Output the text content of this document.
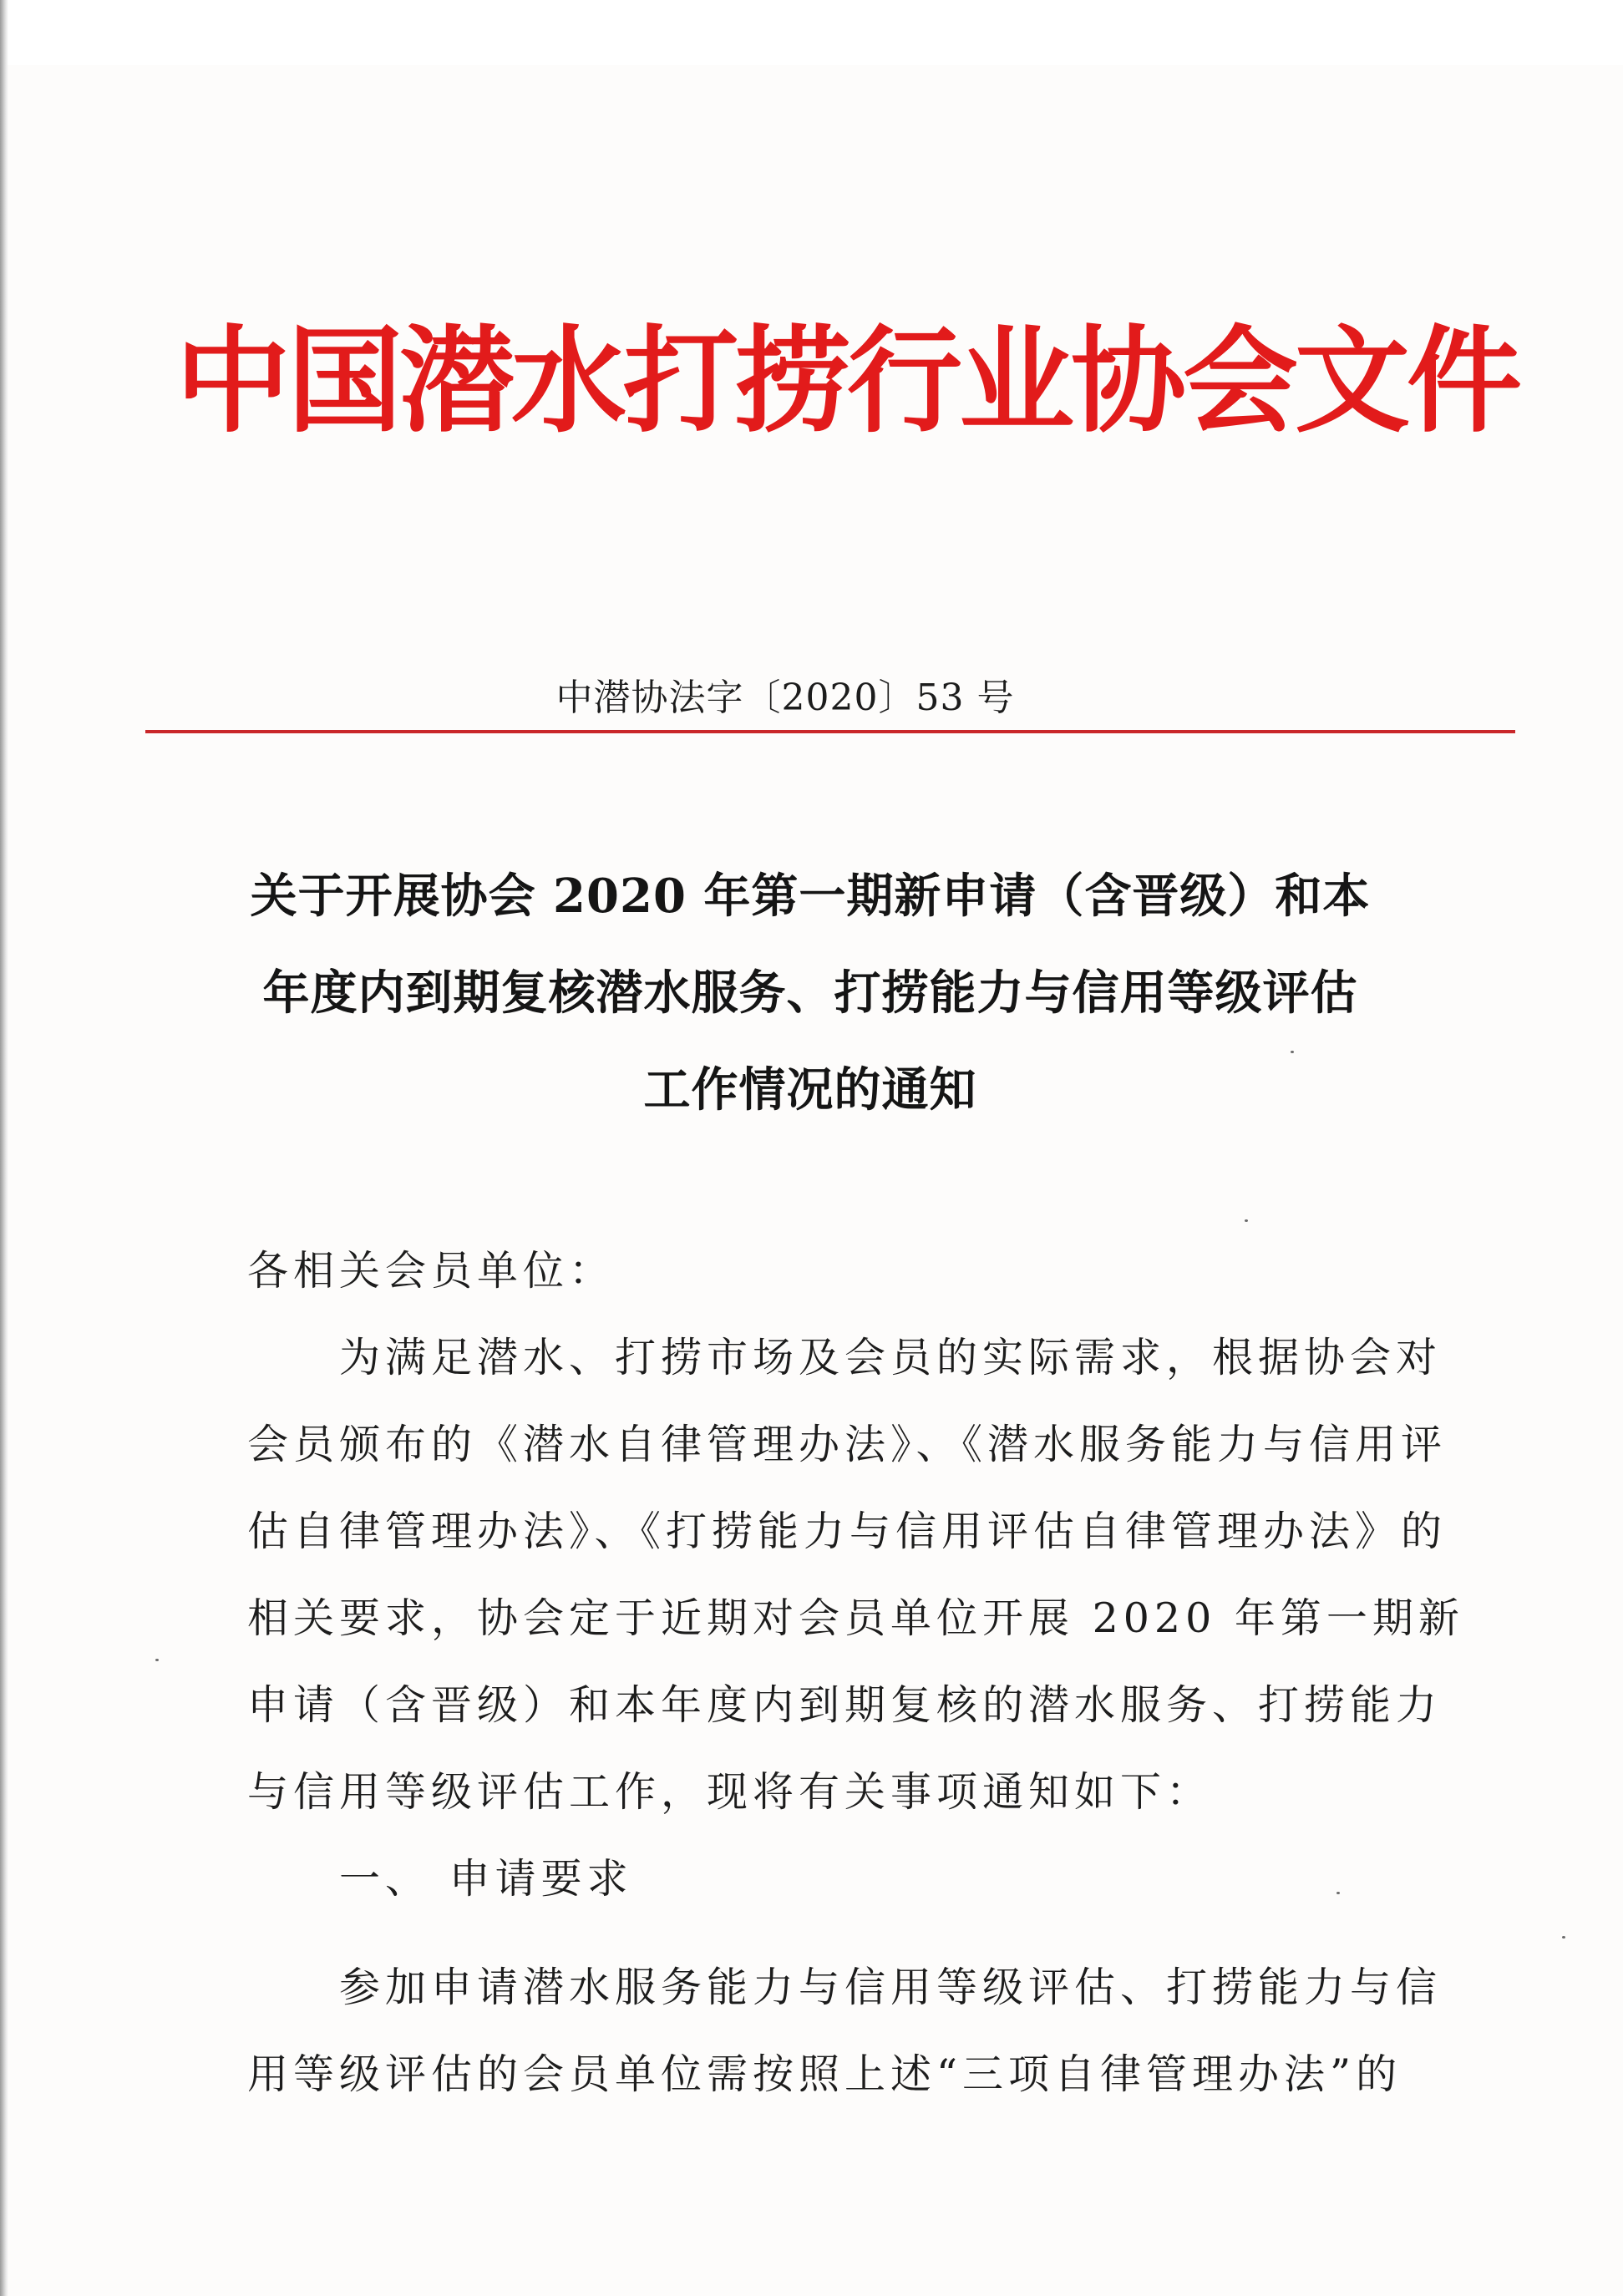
中国潜水打捞行业协会文件
中潜协法字〔2020〕53 号
关于开展协会 2020 年第一期新申请（含晋级）和本
年度内到期复核潜水服务、打捞能力与信用等级评估
工作情况的通知
各相关会员单位：
为满足潜水、打捞市场及会员的实际需求，根据协会对
会员颁布的《潜水自律管理办法》、《潜水服务能力与信用评
估自律管理办法》、《打捞能力与信用评估自律管理办法》的
相关要求，协会定于近期对会员单位开展 2020 年第一期新
申请（含晋级）和本年度内到期复核的潜水服务、打捞能力
与信用等级评估工作，现将有关事项通知如下：
一、 申请要求
参加申请潜水服务能力与信用等级评估、打捞能力与信
用等级评估的会员单位需按照上述“三项自律管理办法”的
